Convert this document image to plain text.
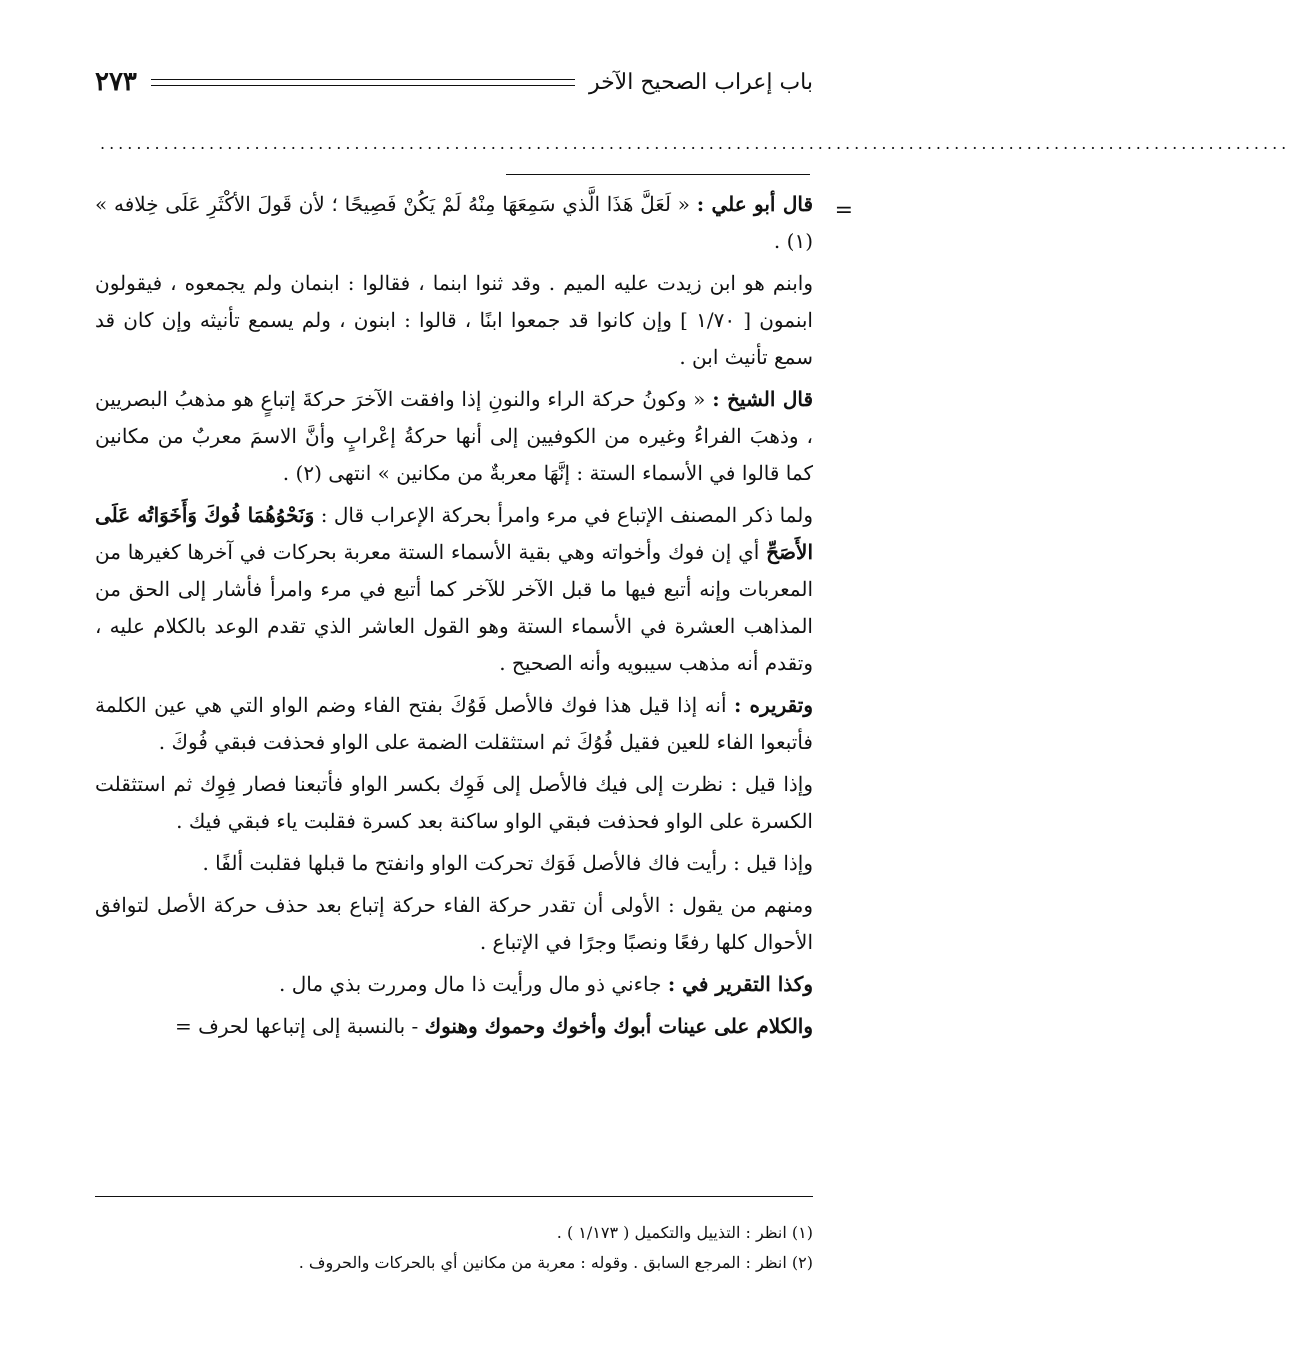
باب إعراب الصحيح الآخر
٢٧٣
...................................................................................................................................

=
قال أبو علي : « لَعَلَّ هَذَا الَّذي سَمِعَهَا مِنْهُ لَمْ يَكُنْ فَصِيحًا ؛ لأن قَولَ الأكْثَرِ عَلَى خِلافه » (١) .

وابنم هو ابن زيدت عليه الميم . وقد ثنوا ابنما ، فقالوا : ابنمان ولم يجمعوه ، فيقولون ابنمون [ ١/٧٠ ] وإن كانوا قد جمعوا ابنًا ، قالوا : ابنون ، ولم يسمع تأنيثه وإن كان قد سمع تأنيث ابن .

قال الشيخ : « وكونُ حركة الراء والنونِ إذا وافقت الآخرَ حركةَ إتباعٍ هو مذهبُ البصريين ، وذهبَ الفراءُ وغيره من الكوفيين إلى أنها حركةُ إعْرابٍ وأنَّ الاسمَ معربٌ من مكانين كما قالوا في الأسماء الستة : إنَّهَا معربةٌ من مكانين » انتهى (٢) .

ولما ذكر المصنف الإتباع في مرء وامرأ بحركة الإعراب قال : وَنَحْوُهُمَا فُوكَ وَأَخَوَاتُه عَلَى الأَصَحِّ أي إن فوك وأخواته وهي بقية الأسماء الستة معربة بحركات في آخرها كغيرها من المعربات وإنه أتبع فيها ما قبل الآخر للآخر كما أتبع في مرء وامرأ فأشار إلى الحق من المذاهب العشرة في الأسماء الستة وهو القول العاشر الذي تقدم الوعد بالكلام عليه ، وتقدم أنه مذهب سيبويه وأنه الصحيح .

وتقريره : أنه إذا قيل هذا فوك فالأصل فَوُكَ بفتح الفاء وضم الواو التي هي عين الكلمة فأتبعوا الفاء للعين فقيل فُوُكَ ثم استثقلت الضمة على الواو فحذفت فبقي فُوكَ .

وإذا قيل : نظرت إلى فيك فالأصل إلى فَوِك بكسر الواو فأتبعنا فصار فِوِك ثم استثقلت الكسرة على الواو فحذفت فبقي الواو ساكنة بعد كسرة فقلبت ياء فبقي فيك .

وإذا قيل : رأيت فاك فالأصل فَوَك تحركت الواو وانفتح ما قبلها فقلبت ألفًا .

ومنهم من يقول : الأولى أن تقدر حركة الفاء حركة إتباع بعد حذف حركة الأصل لتوافق الأحوال كلها رفعًا ونصبًا وجرًا في الإتباع .

وكذا التقرير في : جاءني ذو مال ورأيت ذا مال ومررت بذي مال .

والكلام على عينات أبوك وأخوك وحموك وهنوك - بالنسبة إلى إتباعها لحرف =

(١) انظر : التذييل والتكميل ( ١/١٧٣ ) .
(٢) انظر : المرجع السابق . وقوله : معربة من مكانين أي بالحركات والحروف .
